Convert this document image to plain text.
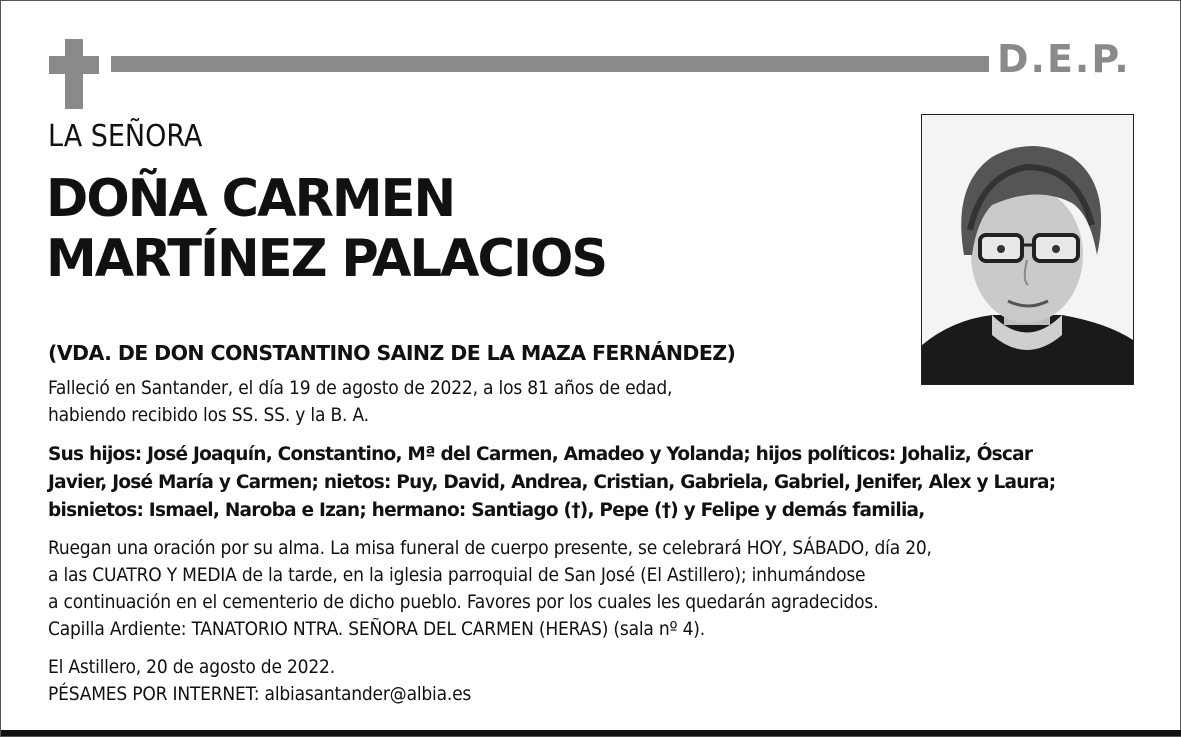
D.E.P.
LA SEÑORA
DOÑA CARMEN
MARTÍNEZ PALACIOS
(VDA. DE DON CONSTANTINO SAINZ DE LA MAZA FERNÁNDEZ)
Falleció en Santander, el día 19 de agosto de 2022, a los 81 años de edad,
habiendo recibido los SS. SS. y la B. A.
Sus hijos: José Joaquín, Constantino, Mª del Carmen, Amadeo y Yolanda; hijos políticos: Johaliz, Óscar
Javier, José María y Carmen; nietos: Puy, David, Andrea, Cristian, Gabriela, Gabriel, Jenifer, Alex y Laura;
bisnietos: Ismael, Naroba e Izan; hermano: Santiago (†), Pepe (†) y Felipe y demás familia,
Ruegan una oración por su alma. La misa funeral de cuerpo presente, se celebrará HOY, SÁBADO, día 20,
a las CUATRO Y MEDIA de la tarde, en la iglesia parroquial de San José (El Astillero); inhumándose
a continuación en el cementerio de dicho pueblo. Favores por los cuales les quedarán agradecidos.
Capilla Ardiente: TANATORIO NTRA. SEÑORA DEL CARMEN (HERAS) (sala nº 4).
El Astillero, 20 de agosto de 2022.
PÉSAMES POR INTERNET: albiasantander@albia.es
